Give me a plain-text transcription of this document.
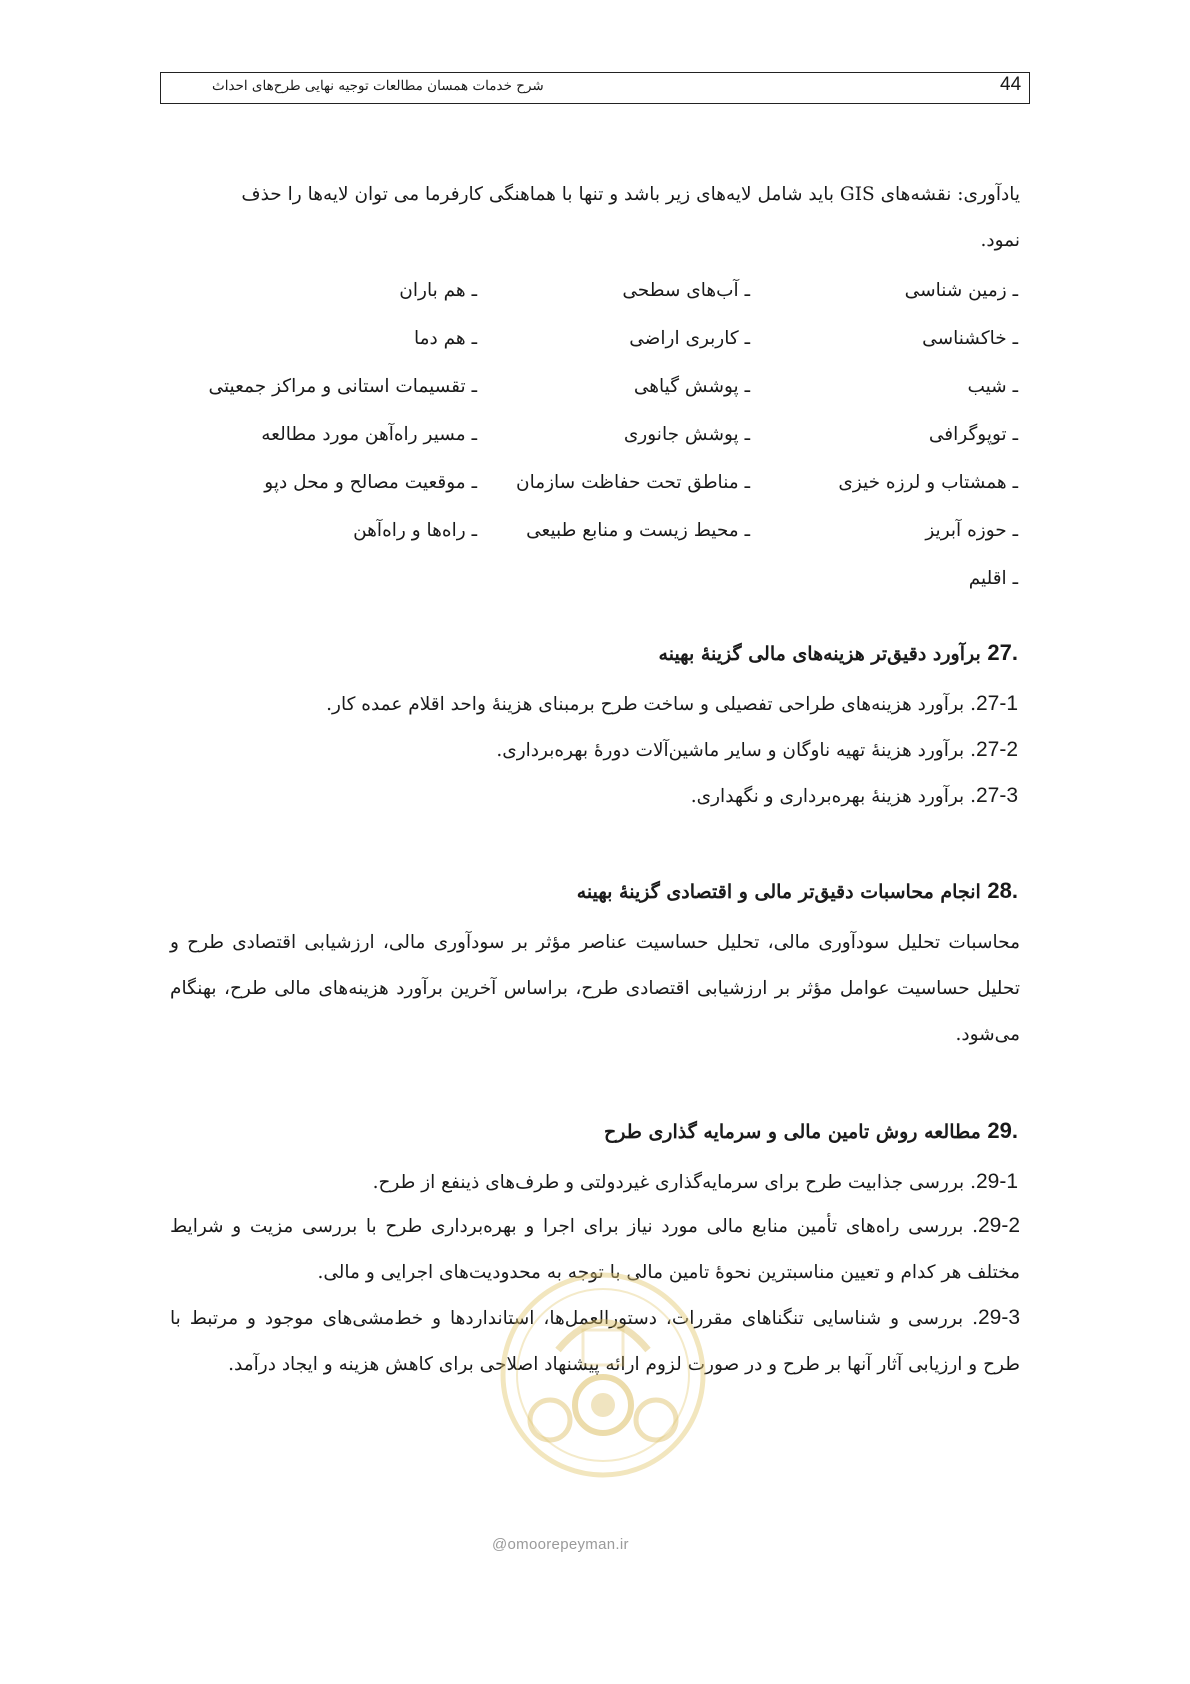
شرح خدمات همسان مطالعات توجیه نهایی طرح‌های احداث	44
یادآوری: نقشه‌های GIS باید شامل لایه‌های زیر باشد و تنها با هماهنگی کارفرما می توان لایه‌ها را حذف
نمود.
ـ زمین شناسی
ـ خاکشناسی
ـ شیب
ـ توپوگرافی
ـ همشتاب و لرزه خیزی
ـ حوزه آبریز
ـ اقلیم
ـ آب‌های سطحی
ـ کاربری اراضی
ـ پوشش گیاهی
ـ پوشش جانوری
ـ مناطق تحت حفاظت سازمان
ـ محیط زیست و منابع طبیعی
ـ هم باران
ـ هم دما
ـ تقسیمات استانی و مراکز جمعیتی
ـ مسیر راه‌آهن مورد مطالعه
ـ موقعیت مصالح و محل دپو
ـ راه‌ها و راه‌آهن
27. برآورد دقیق‌تر هزینه‌های مالی گزینۀ بهینه
27-1. برآورد هزینه‌های طراحی تفصیلی و ساخت طرح برمبنای هزینۀ واحد اقلام عمده کار.
27-2. برآورد هزینۀ تهیه ناوگان و سایر ماشین‌آلات دورۀ بهره‌برداری.
27-3. برآورد هزینۀ بهره‌برداری و نگهداری.
28. انجام محاسبات دقیق‌تر مالی و اقتصادی گزینۀ بهینه
محاسبات تحلیل سودآوری مالی، تحلیل حساسیت عناصر مؤثر بر سودآوری مالی، ارزشیابی اقتصادی طرح و تحلیل حساسیت عوامل مؤثر بر ارزشیابی اقتصادی طرح، براساس آخرین برآورد هزینه‌های مالی طرح، بهنگام می‌شود.
29. مطالعه روش تامین مالی و سرمایه گذاری طرح
29-1. بررسی جذابیت طرح برای سرمایه‌گذاری غیردولتی و طرف‌های ذینفع از طرح.
29-2. بررسی راه‌های تأمین منابع مالی مورد نیاز برای اجرا و بهره‌برداری طرح با بررسی مزیت و شرایط مختلف هر کدام و تعیین مناسبترین نحوۀ تامین مالی با توجه به محدودیت‌های اجرایی و مالی.
29-3. بررسی و شناسایی تنگناهای مقررات، دستورالعمل‌ها، استانداردها و خط‌مشی‌های موجود و مرتبط با طرح و ارزیابی آثار آنها بر طرح و در صورت لزوم ارائه پیشنهاد اصلاحی برای کاهش هزینه و ایجاد درآمد.
@omoorepeyman.ir
